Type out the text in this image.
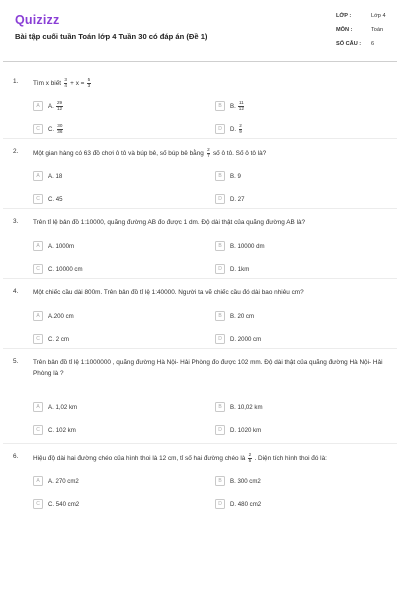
Quizizz
Bài tập cuối tuần Toán lớp 4 Tuần 30 có đáp án (Đề 1)
LỚP :	Lớp 4
MÔN :	Toán
SỐ CÂU :	6
1. Tìm x biết $\frac{3}{4} + x = \frac{5}{3}$
A	A. $\frac{29}{12}$	B	B. $\frac{11}{12}$
C	C. $\frac{30}{36}$	D	D. $\frac{2}{9}$
2. Một gian hàng có 63 đồ chơi ô tô và búp bê, số búp bê bằng $\frac{2}{7}$ số ô tô. Số ô tô là?
A	A. 18	B	B. 9
C	C. 45	D	D. 27
3. Trên tỉ lệ bản đồ 1:10000, quãng đường AB đo được 1 dm. Độ dài thật của quãng đường AB là?
A	A. 1000m	B	B. 10000 dm
C	C. 10000 cm	D	D. 1km
4. Một chiếc cầu dài 800m. Trên bản đồ tỉ lệ 1:40000. Người ta vẽ chiếc cầu đó dài bao nhiêu cm?
A	A.200 cm	B	B. 20 cm
C	C. 2 cm	D	D. 2000 cm
5. Trên bản đồ tỉ lệ 1:1000000 , quãng đường Hà Nội- Hải Phòng đo được 102 mm. Độ dài thật của quãng đường Hà Nội- Hải Phòng là ?
A	A. 1,02 km	B	B. 10,02 km
C	C. 102 km	D	D. 1020 km
6. Hiệu độ dài hai đường chéo của hình thoi là 12 cm, tỉ số hai đường chéo là $\frac{2}{5}$ . Diện tích hình thoi đó là:
A	A. 270 cm2	B	B. 300 cm2
C	C. 540 cm2	D	D. 480 cm2
